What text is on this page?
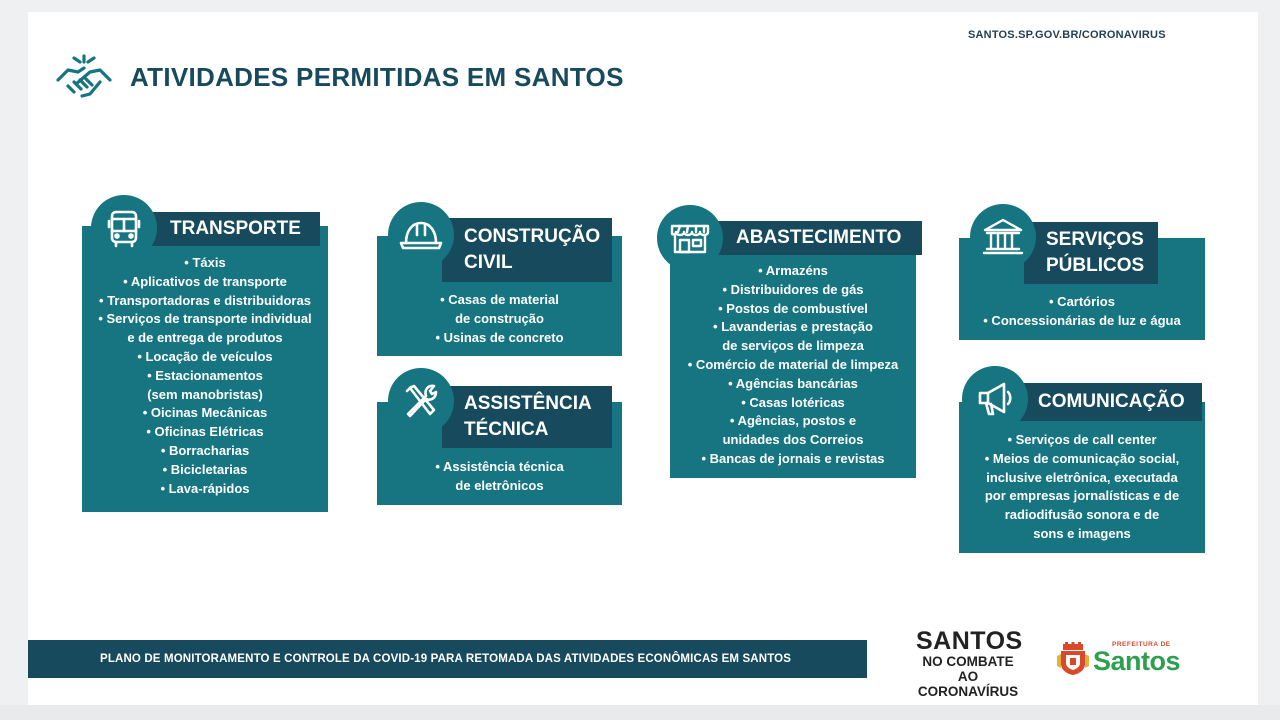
SANTOS.SP.GOV.BR/CORONAVIRUS
ATIVIDADES PERMITIDAS EM SANTOS
• Táxis
• Aplicativos de transporte
• Transportadoras e distribuidoras
• Serviços de transporte individual
e de entrega de produtos
• Locação de veículos
• Estacionamentos
(sem manobristas)
• Oicinas Mecânicas
• Oficinas Elétricas
• Borracharias
• Bicicletarias
• Lava-rápidos
TRANSPORTE
• Casas de material
de construção
• Usinas de concreto
CONSTRUÇÃO
CIVIL
• Assistência técnica
de eletrônicos
ASSISTÊNCIA
TÉCNICA
• Armazéns
• Distribuidores de gás
• Postos de combustível
• Lavanderias e prestação
de serviços de limpeza
• Comércio de material de limpeza
• Agências bancárias
• Casas lotéricas
• Agências, postos e
unidades dos Correios
• Bancas de jornais e revistas
ABASTECIMENTO
• Cartórios
• Concessionárias de luz e água
SERVIÇOS
PÚBLICOS
• Serviços de call center
• Meios de comunicação social,
inclusive eletrônica, executada
por empresas jornalísticas e de
radiodifusão sonora e de
sons e imagens
COMUNICAÇÃO
PLANO DE MONITORAMENTO E CONTROLE DA COVID-19 PARA RETOMADA DAS ATIVIDADES ECONÔMICAS EM SANTOS
SANTOS
NO COMBATE
AO CORONAVÍRUS
PREFEITURA DE
Santos
